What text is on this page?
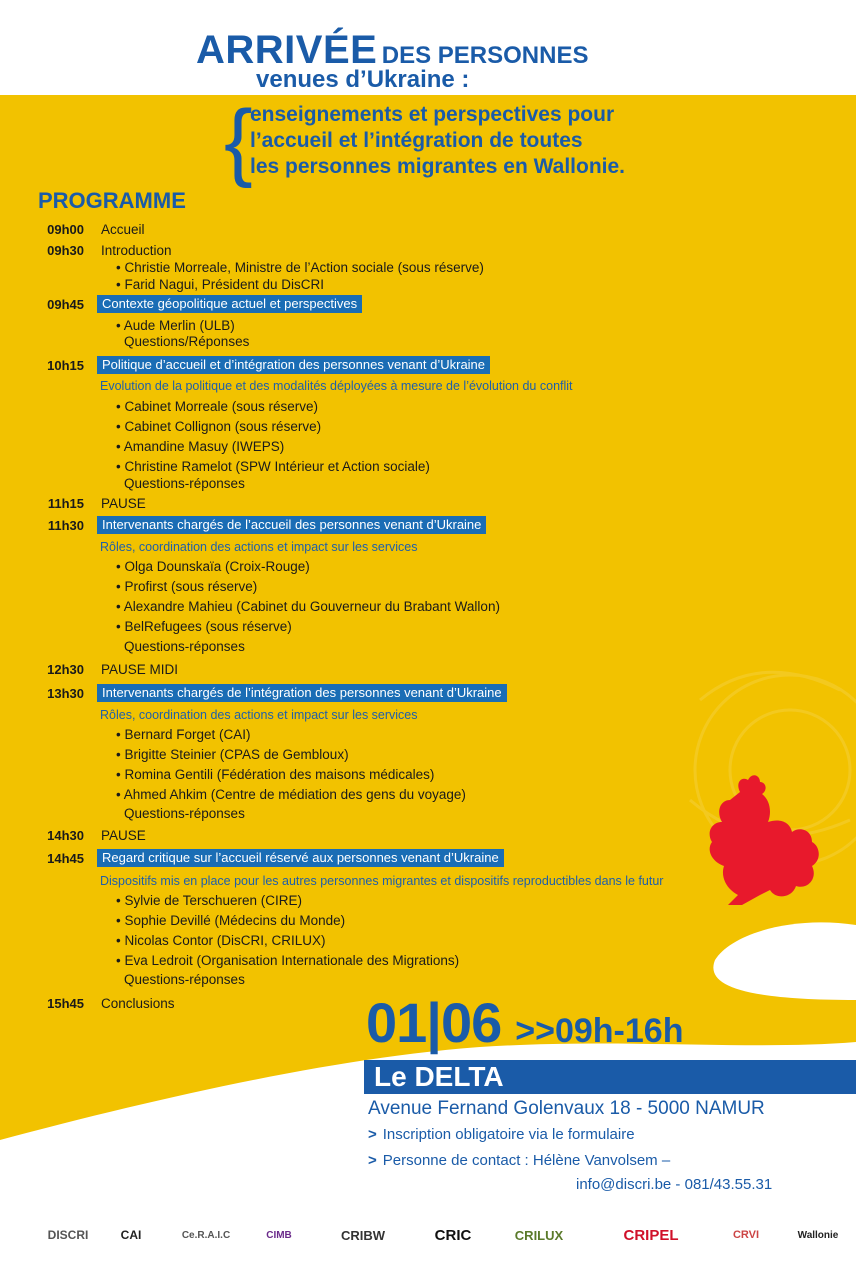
ARRIVÉE DES PERSONNES
venues d’Ukraine :
{
enseignements et perspectives pour
l’accueil et l’intégration de toutes
les personnes migrantes en Wallonie.
PROGRAMME
09h00 Accueil
09h30 Introduction
• Christie Morreale, Ministre de l’Action sociale (sous réserve)
• Farid Nagui, Président du DisCRI
09h45	Contexte géopolitique actuel et perspectives
• Aude Merlin (ULB)
Questions/Réponses
10h15	Politique d’accueil et d’intégration des personnes venant d’Ukraine
Evolution de la politique et des modalités déployées à mesure de l’évolution du conflit
• Cabinet Morreale (sous réserve)
• Cabinet Collignon (sous réserve)
• Amandine Masuy (IWEPS)
• Christine Ramelot (SPW Intérieur et Action sociale)
Questions-réponses
11h15 PAUSE
11h30	Intervenants chargés de l’accueil des personnes venant d’Ukraine
Rôles, coordination des actions et impact sur les services
• Olga Dounskaïa (Croix-Rouge)
• Profirst (sous réserve)
• Alexandre Mahieu (Cabinet du Gouverneur du Brabant Wallon)
• BelRefugees (sous réserve)
Questions-réponses
12h30 PAUSE MIDI
13h30	Intervenants chargés de l’intégration des personnes venant d’Ukraine
Rôles, coordination des actions et impact sur les services
• Bernard Forget (CAI)
• Brigitte Steinier (CPAS de Gembloux)
• Romina Gentili (Fédération des maisons médicales)
• Ahmed Ahkim (Centre de médiation des gens du voyage)
Questions-réponses
14h30 PAUSE
14h45	Regard critique sur l’accueil réservé aux personnes venant d’Ukraine
Dispositifs mis en place pour les autres personnes migrantes et dispositifs reproductibles dans le futur
• Sylvie de Terschueren (CIRE)
• Sophie Devillé (Médecins du Monde)
• Nicolas Contor (DisCRI, CRILUX)
• Eva Ledroit (Organisation Internationale des Migrations)
Questions-réponses
15h45 Conclusions	01|06 >>09h-16h
Le DELTA
Avenue Fernand Golenvaux 18 - 5000 NAMUR
> Inscription obligatoire via le formulaire
> Personne de contact : Hélène Vanvolsem –
info@discri.be - 081/43.55.31
DISCRI	CAI	Ce.R.A.I.C	CIMB	CRIBW	CRIC	CRILUX	CRIPEL	CRVI	Wallonie
